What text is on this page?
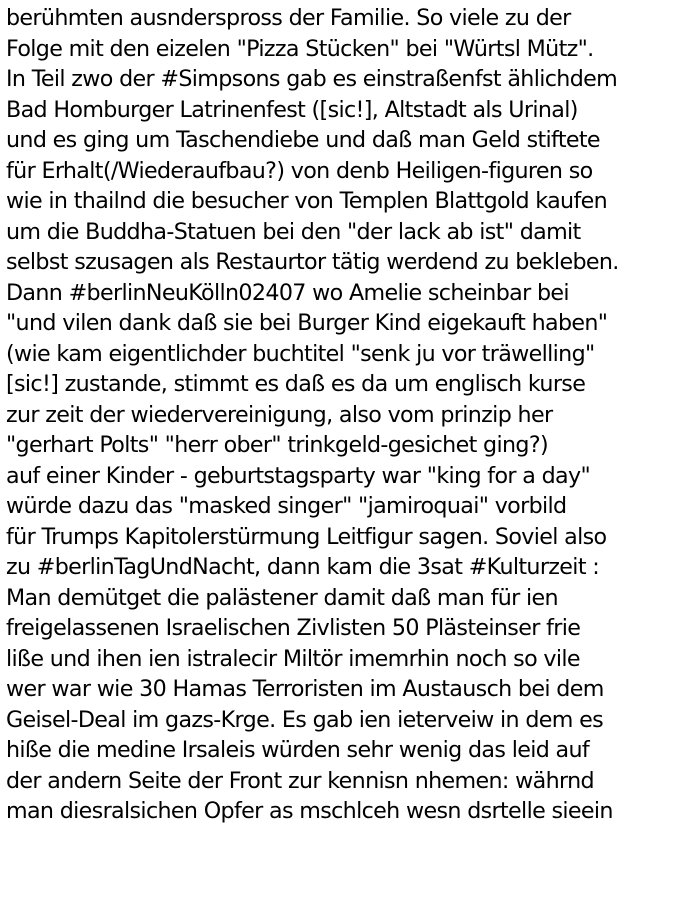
berühmten ausnderspross der Familie. So viele zu der
Folge mit den eizelen "Pizza Stücken" bei "Würtsl Mütz".
In Teil zwo der #Simpsons gab es einstraßenfst ählichdem
Bad Homburger Latrinenfest ([sic!], Altstadt als Urinal)
und es ging um Taschendiebe und daß man Geld stiftete
für Erhalt(/Wiederaufbau?) von denb Heiligen-figuren so
wie in thailnd die besucher von Templen Blattgold kaufen
um die Buddha-Statuen bei den "der lack ab ist" damit
selbst szusagen als Restaurtor tätig werdend zu bekleben.
Dann #berlinNeuKölln02407 wo Amelie scheinbar bei
"und vilen dank daß sie bei Burger Kind eigekauft haben"
(wie kam eigentlichder buchtitel "senk ju vor träwelling"
[sic!] zustande, stimmt es daß es da um englisch kurse
zur zeit der wiedervereinigung, also vom prinzip her
"gerhart Polts" "herr ober" trinkgeld-gesichet ging?)
auf einer Kinder - geburtstagsparty war "king for a day"
würde dazu das "masked singer" "jamiroquai" vorbild
für Trumps Kapitolerstürmung Leitfigur sagen. Soviel also
zu #berlinTagUndNacht, dann kam die 3sat #Kulturzeit :
Man demütget die palästener damit daß man für ien
freigelassenen Israelischen Zivlisten 50 Plästeinser frie
liße und ihen ien istralecir Miltör imemrhin noch so vile
wer war wie 30 Hamas Terroristen im Austausch bei dem
Geisel-Deal im gazs-Krge. Es gab ien ieterveiw in dem es
hiße die medine Irsaleis würden sehr wenig das leid auf
der andern Seite der Front zur kennisn nhemen: währnd
man diesralsichen Opfer as mschlceh wesn dsrtelle sieein
